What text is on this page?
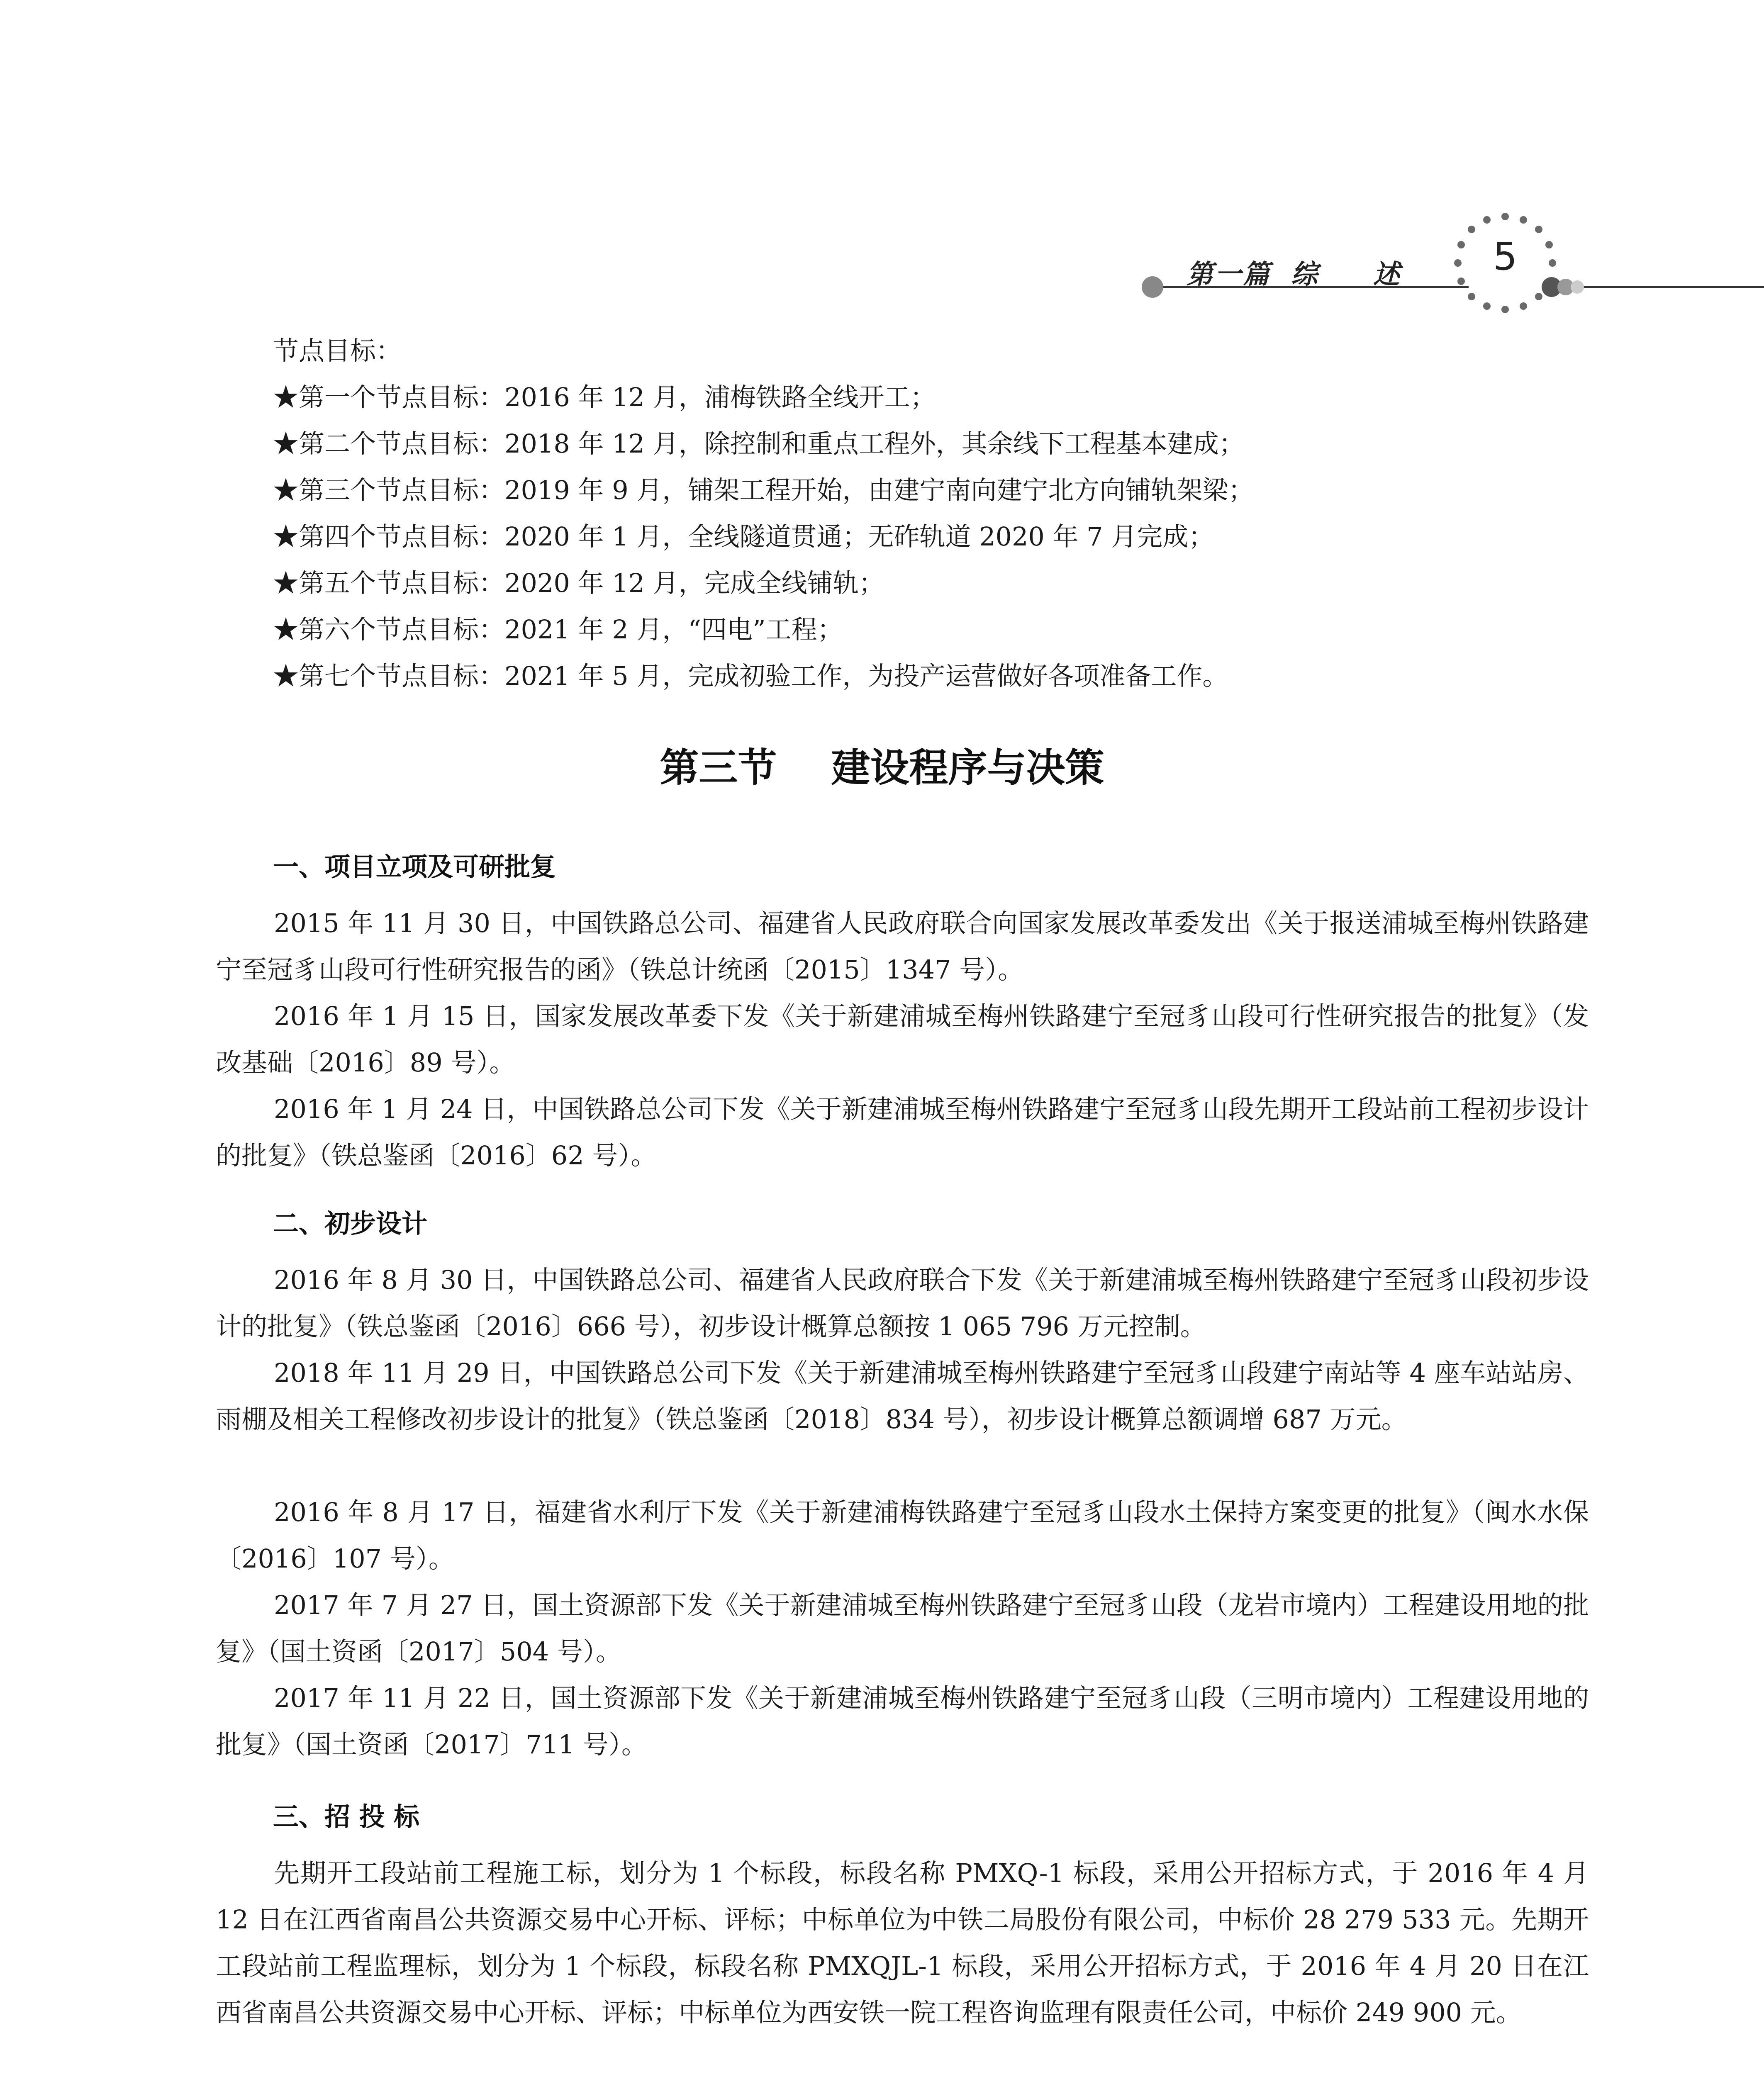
第一篇 综 述	5

节点目标：

★第一个节点目标：2016 年 12 月，浦梅铁路全线开工；

★第二个节点目标：2018 年 12 月，除控制和重点工程外，其余线下工程基本建成；

★第三个节点目标：2019 年 9 月，铺架工程开始，由建宁南向建宁北方向铺轨架梁；

★第四个节点目标：2020 年 1 月，全线隧道贯通；无砟轨道 2020 年 7 月完成；

★第五个节点目标：2020 年 12 月，完成全线铺轨；

★第六个节点目标：2021 年 2 月，“四电”工程；

★第七个节点目标：2021 年 5 月，完成初验工作，为投产运营做好各项准备工作。

第三节    建设程序与决策
一、项目立项及可研批复

2015 年 11 月 30 日，中国铁路总公司、福建省人民政府联合向国家发展改革委发出《关于报送浦城至梅州铁路建宁至冠豸山段可行性研究报告的函》（铁总计统函〔2015〕1347 号）。

2016 年 1 月 15 日，国家发展改革委下发《关于新建浦城至梅州铁路建宁至冠豸山段可行性研究报告的批复》（发改基础〔2016〕89 号）。

2016 年 1 月 24 日，中国铁路总公司下发《关于新建浦城至梅州铁路建宁至冠豸山段先期开工段站前工程初步设计的批复》（铁总鉴函〔2016〕62 号）。

二、初步设计

2016 年 8 月 30 日，中国铁路总公司、福建省人民政府联合下发《关于新建浦城至梅州铁路建宁至冠豸山段初步设计的批复》（铁总鉴函〔2016〕666 号），初步设计概算总额按 1 065 796 万元控制。

2018 年 11 月 29 日，中国铁路总公司下发《关于新建浦城至梅州铁路建宁至冠豸山段建宁南站等 4 座车站站房、雨棚及相关工程修改初步设计的批复》（铁总鉴函〔2018〕834 号），初步设计概算总额调增 687 万元。

2016 年 8 月 17 日，福建省水利厅下发《关于新建浦梅铁路建宁至冠豸山段水土保持方案变更的批复》（闽水水保〔2016〕107 号）。

2017 年 7 月 27 日，国土资源部下发《关于新建浦城至梅州铁路建宁至冠豸山段（龙岩市境内）工程建设用地的批复》（国土资函〔2017〕504 号）。

2017 年 11 月 22 日，国土资源部下发《关于新建浦城至梅州铁路建宁至冠豸山段（三明市境内）工程建设用地的批复》（国土资函〔2017〕711 号）。

三、招 投 标

先期开工段站前工程施工标，划分为 1 个标段，标段名称 PMXQ-1 标段，采用公开招标方式，于 2016 年 4 月 12 日在江西省南昌公共资源交易中心开标、评标；中标单位为中铁二局股份有限公司，中标价 28 279 533 元。先期开工段站前工程监理标，划分为 1 个标段，标段名称 PMXQJL-1 标段，采用公开招标方式，于 2016 年 4 月 20 日在江西省南昌公共资源交易中心开标、评标；中标单位为西安铁一院工程咨询监理有限责任公司，中标价 249 900 元。
